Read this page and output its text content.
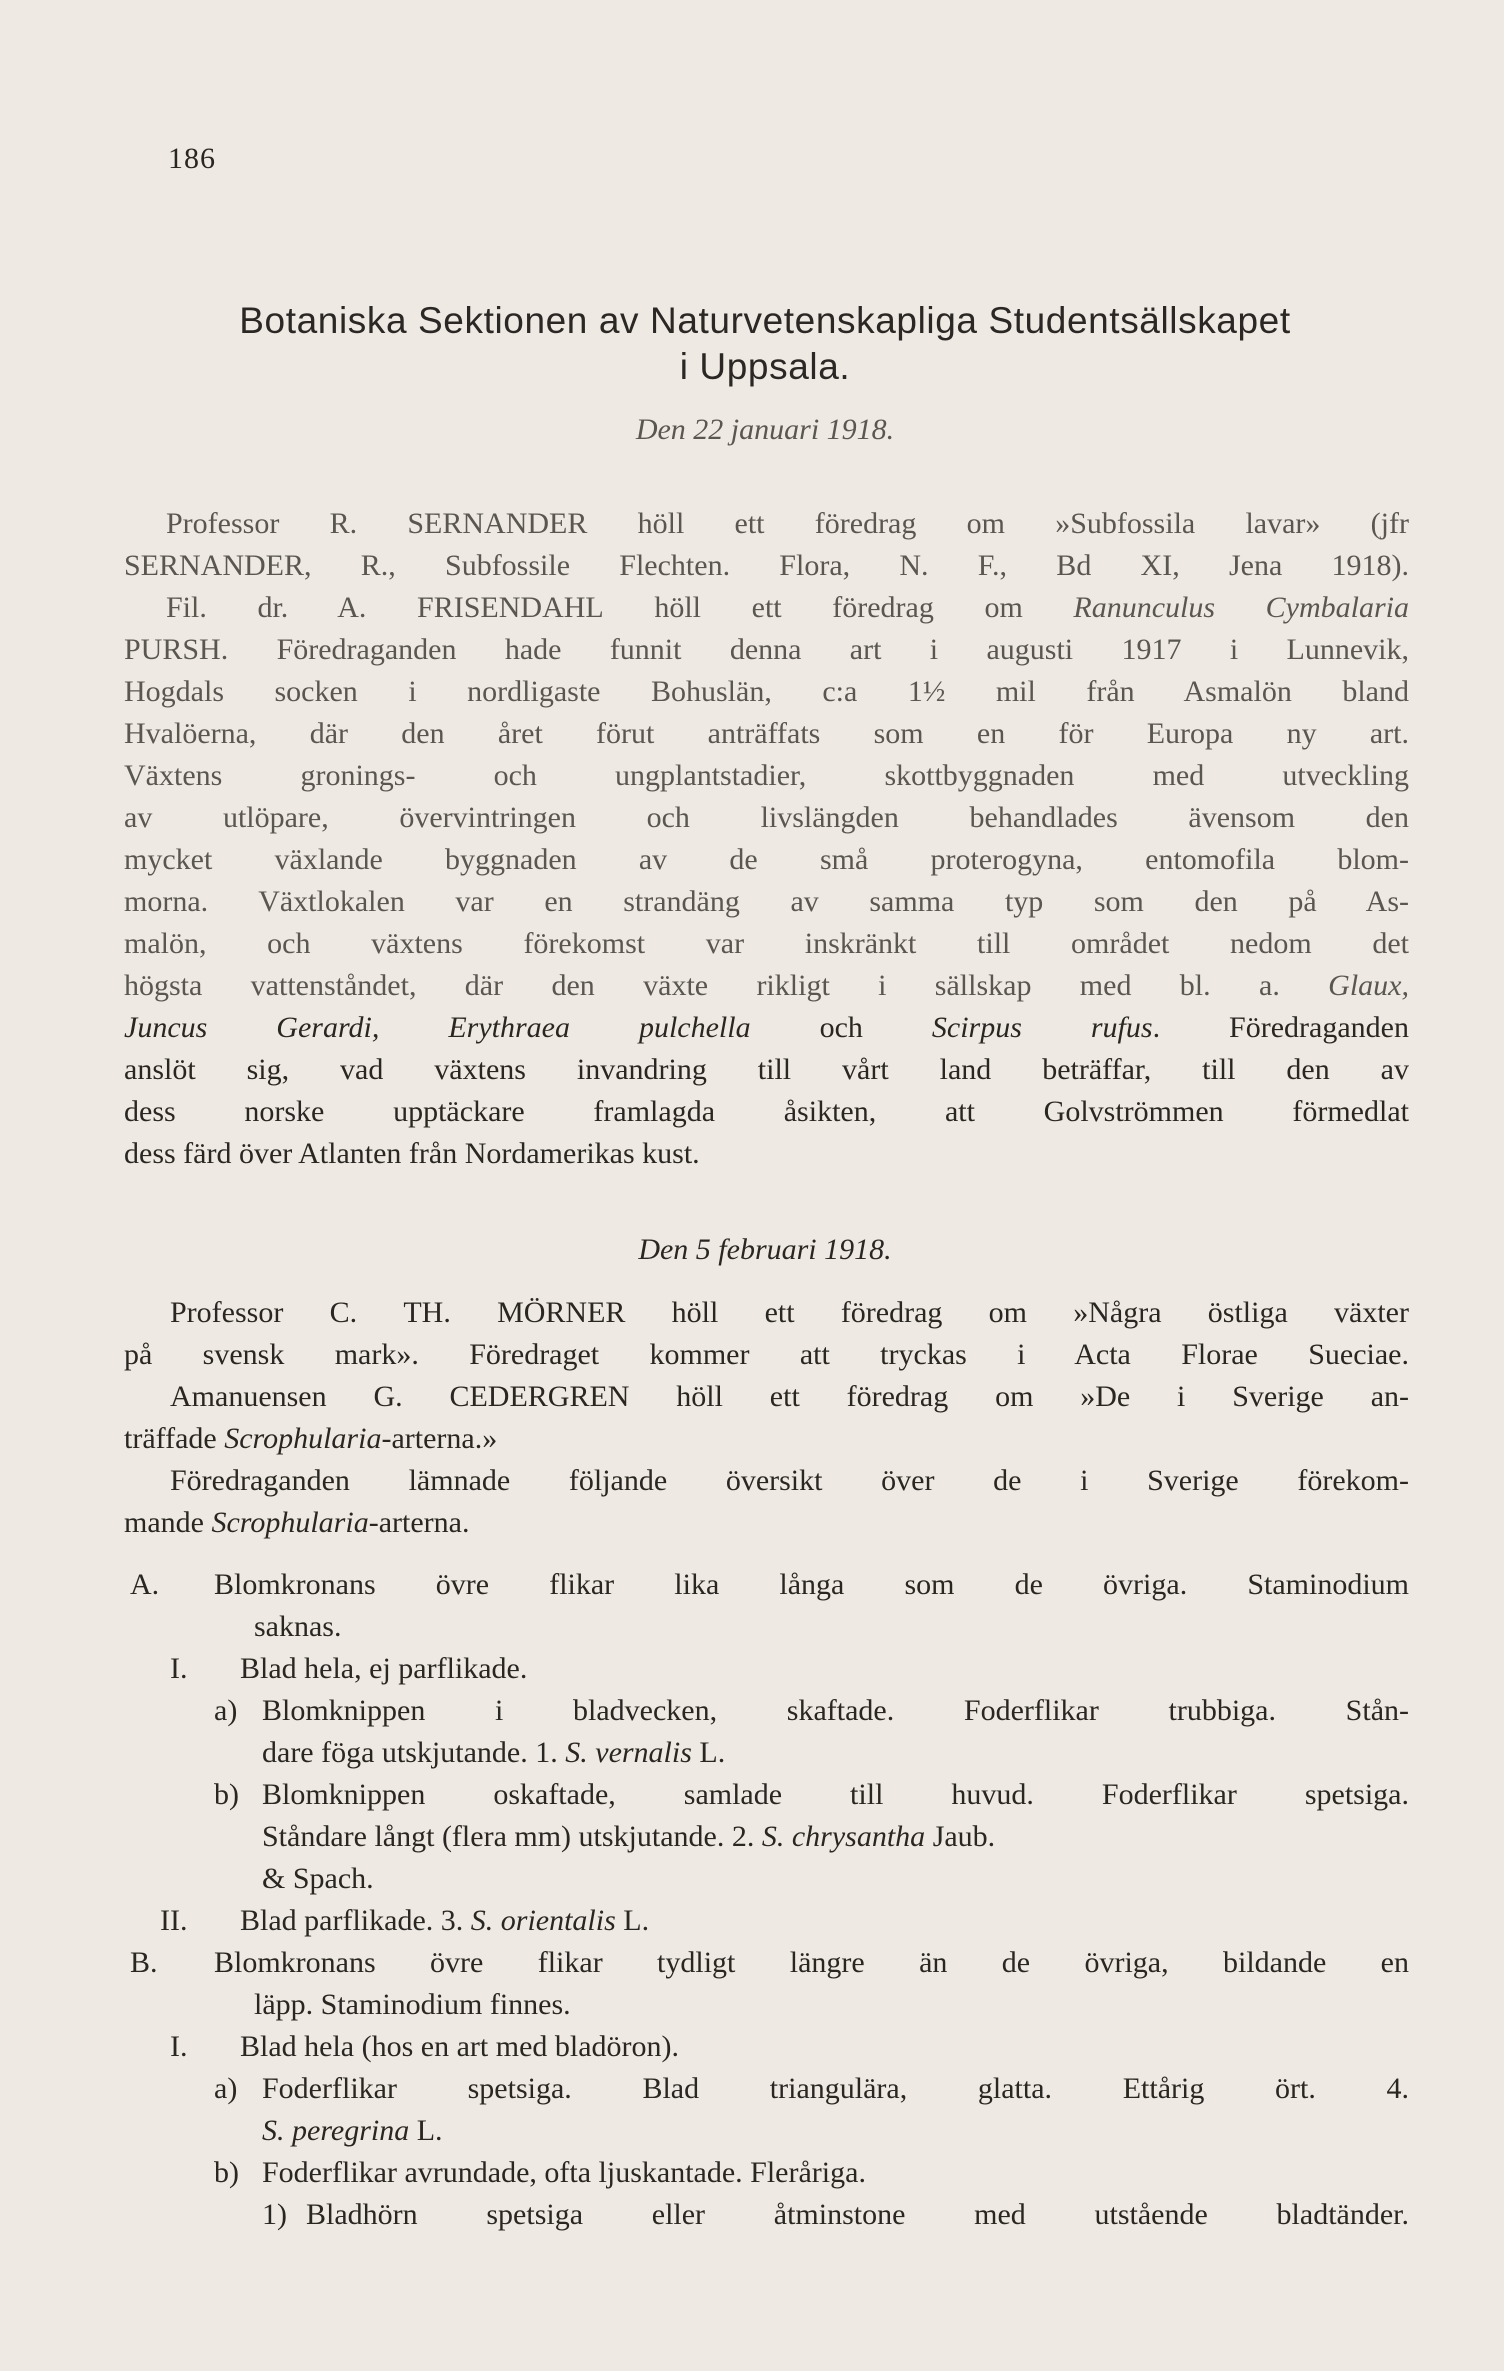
186
Botaniska Sektionen av Naturvetenskapliga Studentsällskapet
i Uppsala.
Den 22 januari 1918.
Professor R. SERNANDER höll ett föredrag om »Subfossila lavar» (jfr
SERNANDER, R., Subfossile Flechten. Flora, N. F., Bd XI, Jena 1918).
Fil. dr. A. FRISENDAHL höll ett föredrag om Ranunculus Cymbalaria
PURSH. Föredraganden hade funnit denna art i augusti 1917 i Lunnevik,
Hogdals socken i nordligaste Bohuslän, c:a 1½ mil från Asmalön bland
Hvalöerna, där den året förut anträffats som en för Europa ny art.
Växtens gronings- och ungplantstadier, skottbyggnaden med utveckling
av utlöpare, övervintringen och livslängden behandlades ävensom den
mycket växlande byggnaden av de små proterogyna, entomofila blom-
morna. Växtlokalen var en strandäng av samma typ som den på As-
malön, och växtens förekomst var inskränkt till området nedom det
högsta vattenståndet, där den växte rikligt i sällskap med bl. a. Glaux,
Juncus Gerardi, Erythraea pulchella och Scirpus rufus. Föredraganden
anslöt sig, vad växtens invandring till vårt land beträffar, till den av
dess norske upptäckare framlagda åsikten, att Golvströmmen förmedlat
dess färd över Atlanten från Nordamerikas kust.
Den 5 februari 1918.
Professor C. TH. MÖRNER höll ett föredrag om »Några östliga växter
på svensk mark». Föredraget kommer att tryckas i Acta Florae Sueciae.
Amanuensen G. CEDERGREN höll ett föredrag om »De i Sverige an-
träffade Scrophularia-arterna.»
Föredraganden lämnade följande översikt över de i Sverige förekom-
mande Scrophularia-arterna.
A.	Blomkronans övre flikar lika långa som de övriga. Staminodium
saknas.
I.	Blad hela, ej parflikade.
a) Blomknippen i bladvecken, skaftade. Foderflikar trubbiga. Stån-
dare föga utskjutande. 1. S. vernalis L.
b) Blomknippen oskaftade, samlade till huvud. Foderflikar spetsiga.
Ståndare långt (flera mm) utskjutande. 2. S. chrysantha Jaub.
& Spach.
II.	Blad parflikade. 3. S. orientalis L.
B.	Blomkronans övre flikar tydligt längre än de övriga, bildande en
läpp. Staminodium finnes.
I.	Blad hela (hos en art med bladöron).
a) Foderflikar spetsiga. Blad triangulära, glatta. Ettårig ört. 4.
S. peregrina L.
b) Foderflikar avrundade, ofta ljuskantade. Fleråriga.
1) Bladhörn spetsiga eller åtminstone med utstående bladtänder.
